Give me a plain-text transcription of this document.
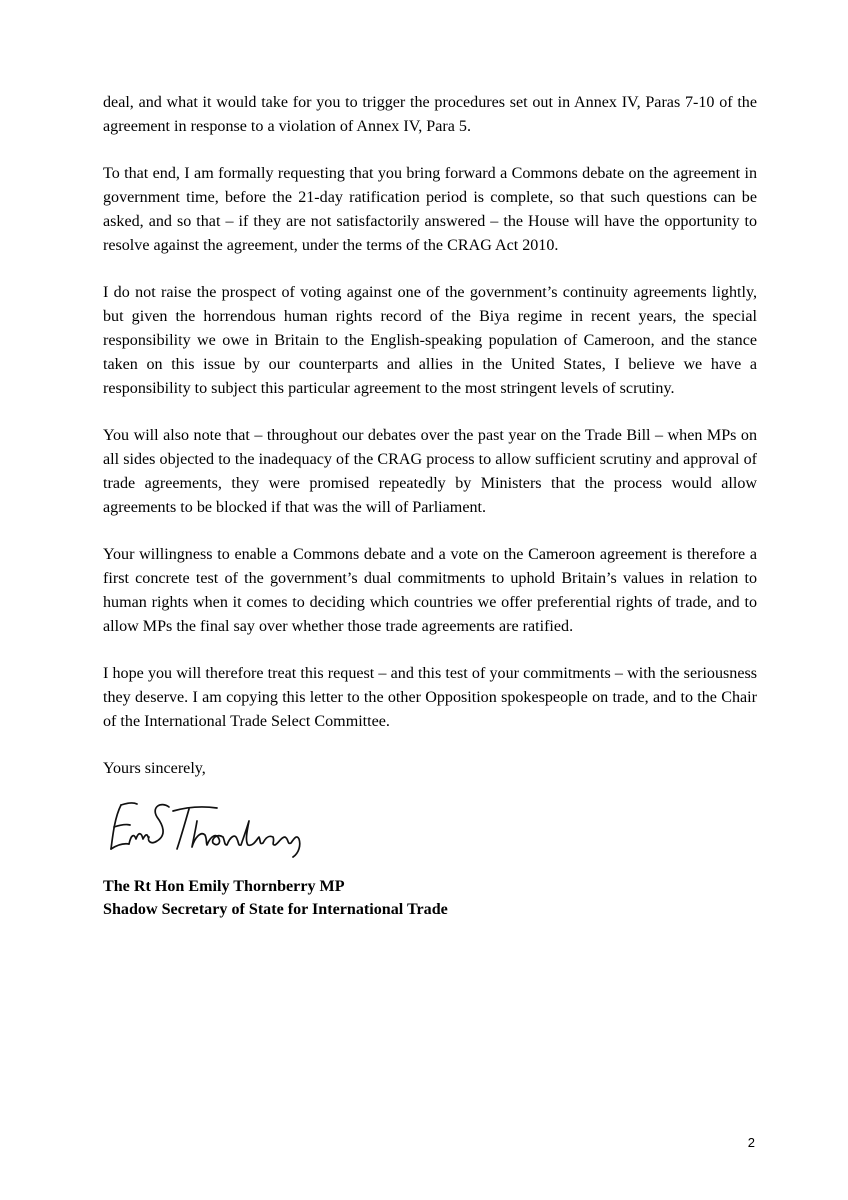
deal, and what it would take for you to trigger the procedures set out in Annex IV, Paras 7-10 of the agreement in response to a violation of Annex IV, Para 5.

To that end, I am formally requesting that you bring forward a Commons debate on the agreement in government time, before the 21-day ratification period is complete, so that such questions can be asked, and so that – if they are not satisfactorily answered – the House will have the opportunity to resolve against the agreement, under the terms of the CRAG Act 2010.

I do not raise the prospect of voting against one of the government’s continuity agreements lightly, but given the horrendous human rights record of the Biya regime in recent years, the special responsibility we owe in Britain to the English-speaking population of Cameroon, and the stance taken on this issue by our counterparts and allies in the United States, I believe we have a responsibility to subject this particular agreement to the most stringent levels of scrutiny.

You will also note that – throughout our debates over the past year on the Trade Bill – when MPs on all sides objected to the inadequacy of the CRAG process to allow sufficient scrutiny and approval of trade agreements, they were promised repeatedly by Ministers that the process would allow agreements to be blocked if that was the will of Parliament.

Your willingness to enable a Commons debate and a vote on the Cameroon agreement is therefore a first concrete test of the government’s dual commitments to uphold Britain’s values in relation to human rights when it comes to deciding which countries we offer preferential rights of trade, and to allow MPs the final say over whether those trade agreements are ratified.

I hope you will therefore treat this request – and this test of your commitments – with the seriousness they deserve. I am copying this letter to the other Opposition spokespeople on trade, and to the Chair of the International Trade Select Committee.

Yours sincerely,

The Rt Hon Emily Thornberry MP

Shadow Secretary of State for International Trade

2
